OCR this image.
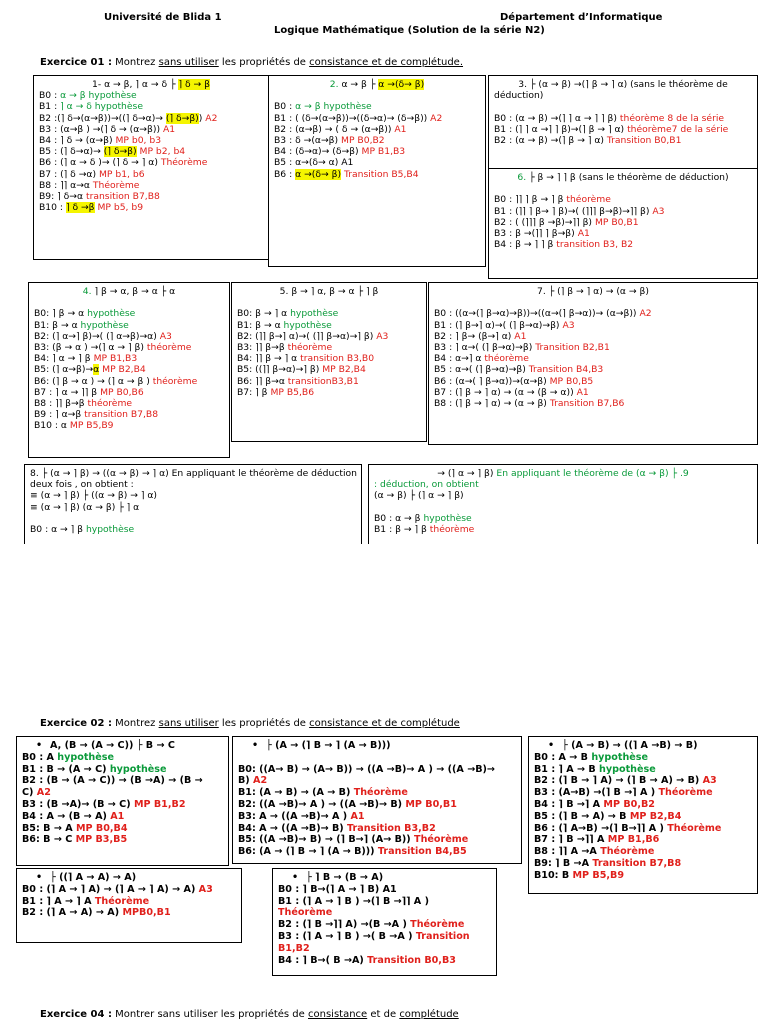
Université de Blida 1	Département d’Informatique
Logique Mathématique (Solution de la série N2)
Exercice 01 : Montrez sans utiliser les propriétés de consistance et de complétude.
1- α → β, ⌉ α → δ ├ ⌉ δ → β
B0 : α → β hypothèse
B1 : ⌉ α → δ hypothèse
B2 :(⌉ δ→(α→β))→((⌉ δ→α)→ (⌉ δ→β)) A2
B3 : (α→β ) →(⌉ δ → (α→β)) A1
B4 : ⌉ δ → (α→β) MP b0, b3
B5 : (⌉ δ→α)→ (⌉ δ→β) MP b2, b4
B6 : (⌉ α → δ )→ (⌉ δ → ⌉ α) Théorème
B7 : (⌉ δ →α) MP b1, b6
B8 : ⌉⌉ α→α Théorème
B9: ⌉ δ→α transition B7,B8
B10 : ⌉ δ →β MP b5, b9
2. α → β ├ α →(δ→ β)

B0 : α → β hypothèse
B1 : ( (δ→(α→β))→((δ→α)→ (δ→β)) A2
B2 : (α→β) → ( δ → (α→β)) A1
B3 : δ →(α→β) MP B0,B2
B4 : (δ→α)→ (δ→β) MP B1,B3
B5 : α→(δ→ α) A1
B6 : α →(δ→ β) Transition B5,B4
3. ├ (α → β) →(⌉ β → ⌉ α) (sans le théorème de
déduction)

B0 : (α → β) →(⌉ ⌉ α → ⌉ ⌉ β) théorème 8 de la série
B1 : (⌉ ⌉ α →⌉ ⌉ β)→(⌉ β → ⌉ α) théorème7 de la série
B2 : (α → β) →(⌉ β → ⌉ α) Transition B0,B1
6. ├ β → ⌉ ⌉ β (sans le théorème de déduction)

B0 : ⌉⌉ ⌉ β → ⌉ β théorème
B1 : (⌉⌉ ⌉ β→ ⌉ β)→( (⌉⌉⌉ β→β)→⌉⌉ β) A3
B2 : ( (⌉⌉⌉ β →β)→⌉⌉ β) MP B0,B1
B3 : β →(⌉⌉ ⌉ β→β) A1
B4 : β → ⌉ ⌉ β transition B3, B2
4. ⌉ β → α, β → α ├ α

B0: ⌉ β → α hypothèse
B1: β → α hypothèse
B2: (⌉ α→⌉ β)→( (⌉ α→β)→α) A3
B3: (β → α ) →(⌉ α → ⌉ β) théorème
B4: ⌉ α → ⌉ β MP B1,B3
B5: (⌉ α→β)→α MP B2,B4
B6: (⌉ β → α ) → (⌉ α → β ) théorème
B7 : ⌉ α → ⌉⌉ β MP B0,B6
B8 : ⌉⌉ β→β théorème
B9 : ⌉ α→β transition B7,B8
B10 : α MP B5,B9
5. β → ⌉ α, β → α ├ ⌉ β

B0: β → ⌉ α hypothèse
B1: β → α hypothèse
B2: (⌉⌉ β→⌉ α)→( (⌉⌉ β→α)→⌉ β) A3
B3: ⌉⌉ β→β théorème
B4: ⌉⌉ β → ⌉ α transition B3,B0
B5: ((⌉⌉ β→α)→⌉ β) MP B2,B4
B6: ⌉⌉ β→α transitionB3,B1
B7: ⌉ β MP B5,B6
7. ├ (⌉ β → ⌉ α) → (α → β)

B0 : ((α→(⌉ β→α)→β))→((α→(⌉ β→α))→ (α→β)) A2
B1 : (⌉ β→⌉ α)→( (⌉ β→α)→β) A3
B2 : ⌉ β→ (β→⌉ α) A1
B3 : ⌉ α→( (⌉ β→α)→β) Transition B2,B1
B4 : α→⌉ α théorème
B5 : α→( (⌉ β→α)→β) Transition B4,B3
B6 : (α→( ⌉ β→α))→(α→β) MP B0,B5
B7 : (⌉ β → ⌉ α) → (α → (β → α)) A1
B8 : (⌉ β → ⌉ α) → (α → β) Transition B7,B6
8. ├ (α → ⌉ β) → ((α → β) → ⌉ α) En appliquant le théorème de déduction
deux fois , on obtient :
≡ (α → ⌉ β) ├ ((α → β) → ⌉ α)
≡ (α → ⌉ β) (α → β) ├ ⌉ α

B0 : α → ⌉ β hypothèse
→ (⌉ α → ⌉ β) En appliquant le théorème de (α → β) ├ .9
: déduction, on obtient
(α → β) ├ (⌉ α → ⌉ β)

B0 : α → β hypothèse
B1 : β → ⌉ β théorème
Exercice 02 : Montrez sans utiliser les propriétés de consistance et de complétude
• A, (B → (A → C)) ├ B → C
B0 : A hypothèse
B1 : B → (A → C) hypothèse
B2 : (B → (A → C)) → (B →A) → (B →
C) A2
B3 : (B →A)→ (B → C) MP B1,B2
B4 : A → (B → A) A1
B5: B → A MP B0,B4
B6: B → C MP B3,B5
• ├ (A → (⌉ B → ⌉ (A → B)))

B0: ((A→ B) → (A→ B)) → ((A →B)→ A ) → ((A →B)→
B) A2
B1: (A → B) → (A → B) Théorème
B2: ((A →B)→ A ) → ((A →B)→ B) MP B0,B1
B3: A → ((A →B)→ A ) A1
B4: A → ((A →B)→ B) Transition B3,B2
B5: ((A →B)→ B) → (⌉ B→⌉ (A→ B)) Théorème
B6: (A → (⌉ B → ⌉ (A → B))) Transition B4,B5
• ├ (A → B) → ((⌉ A →B) → B)
B0 : A → B hypothèse
B1 : ⌉ A → B hypothèse
B2 : (⌉ B → ⌉ A) → (⌉ B → A) → B) A3
B3 : (A→B) →(⌉ B →⌉ A ) Théorème
B4 : ⌉ B →⌉ A MP B0,B2
B5 : (⌉ B → A) → B MP B2,B4
B6 : (⌉ A→B) →(⌉ B→⌉⌉ A ) Théorème
B7 : ⌉ B →⌉⌉ A MP B1,B6
B8 : ⌉⌉ A →A Théorème
B9: ⌉ B →A Transition B7,B8
B10: B MP B5,B9
• ├ ((⌉ A → A) → A)
B0 : (⌉ A → ⌉ A) → (⌉ A → ⌉ A) → A) A3
B1 : ⌉ A → ⌉ A Théorème
B2 : (⌉ A → A) → A) MPB0,B1
• ├ ⌉ B → (B → A)
B0 : ⌉ B→(⌉ A → ⌉ B) A1
B1 : (⌉ A → ⌉ B ) →(⌉ B →⌉⌉ A )
Théorème
B2 : (⌉ B →⌉⌉ A) →(B →A ) Théorème
B3 : (⌉ A → ⌉ B ) →( B →A ) Transition
B1,B2
B4 : ⌉ B→( B →A) Transition B0,B3
Exercice 04 : Montrer sans utiliser les propriétés de consistance et de complétude
